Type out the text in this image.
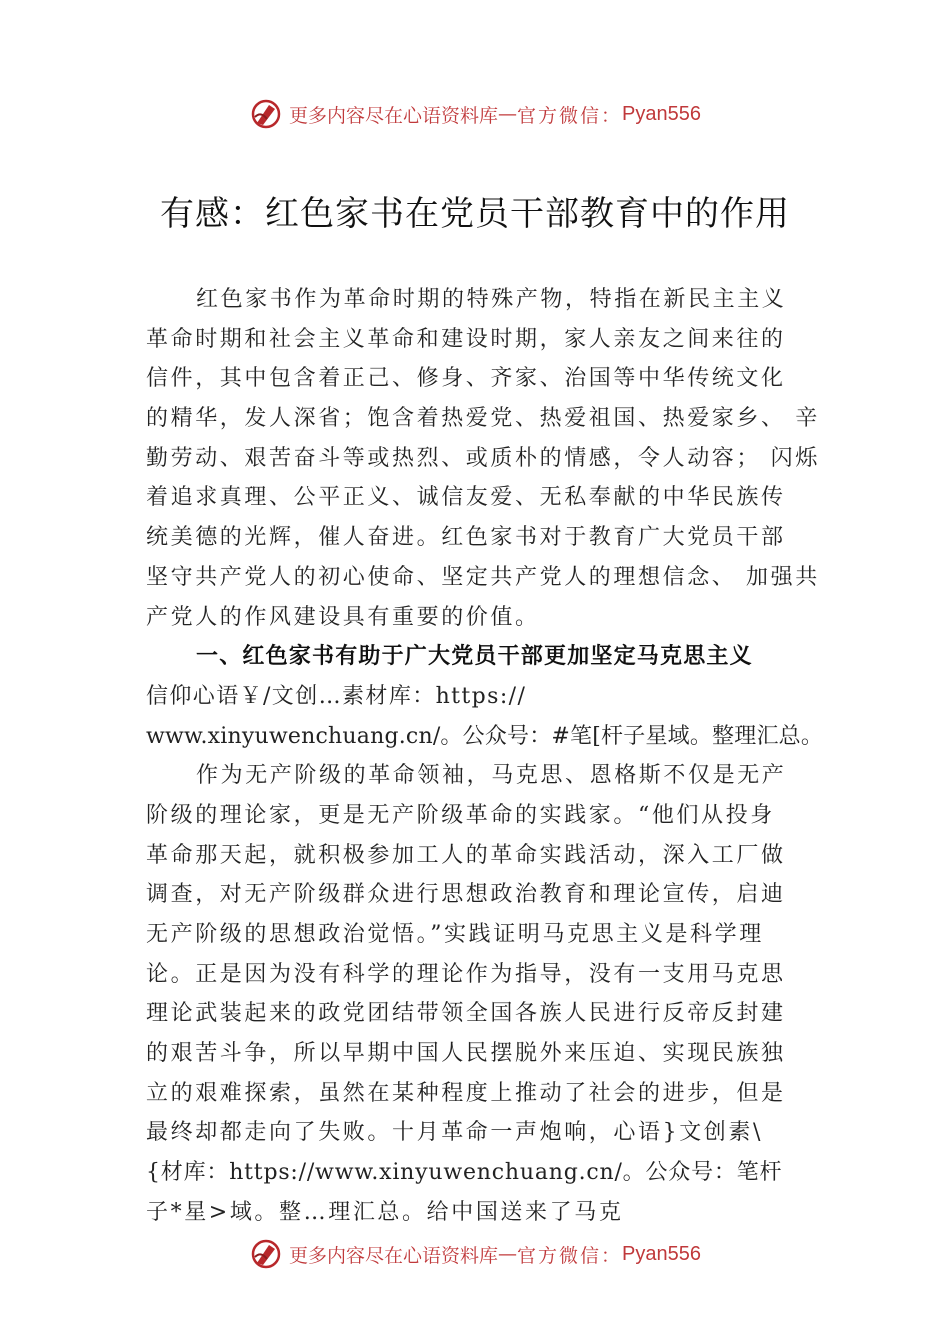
更多内容尽在心语资料库 — 官方微信： Pyan556
有感：红色家书在党员干部教育中的作用
红色家书作为革命时期的特殊产物，特指在新民主主义
革命时期和社会主义革命和建设时期，家人亲友之间来往的
信件，其中包含着正己、修身、齐家、治国等中华传统文化
的精华，发人深省；饱含着热爱党、热爱祖国、热爱家乡、 辛
勤劳动、艰苦奋斗等或热烈、或质朴的情感，令人动容； 闪烁
着追求真理、公平正义、诚信友爱、无私奉献的中华民族传
统美德的光辉，催人奋进。红色家书对于教育广大党员干部
坚守共产党人的初心使命、坚定共产党人的理想信念、 加强共
产党人的作风建设具有重要的价值。
一、红色家书有助于广大党员干部更加坚定马克思主义
信仰心语￥/文创…素材库：https://
www.xinyuwenchuang.cn/。公众号：#笔[杆子星域。整理汇总。
作为无产阶级的革命领袖，马克思、恩格斯不仅是无产
阶级的理论家，更是无产阶级革命的实践家。“他们从投身
革命那天起，就积极参加工人的革命实践活动，深入工厂做
调查，对无产阶级群众进行思想政治教育和理论宣传，启迪
无产阶级的思想政治觉悟。”实践证明马克思主义是科学理
论。正是因为没有科学的理论作为指导，没有一支用马克思
理论武装起来的政党团结带领全国各族人民进行反帝反封建
的艰苦斗争，所以早期中国人民摆脱外来压迫、实现民族独
立的艰难探索，虽然在某种程度上推动了社会的进步，但是
最终却都走向了失败。十月革命一声炮响，心语}文创素\
{材库：https://www.xinyuwenchuang.cn/。公众号：笔杆
子*星>域。整…理汇总。给中国送来了马克
更多内容尽在心语资料库 — 官方微信： Pyan556
